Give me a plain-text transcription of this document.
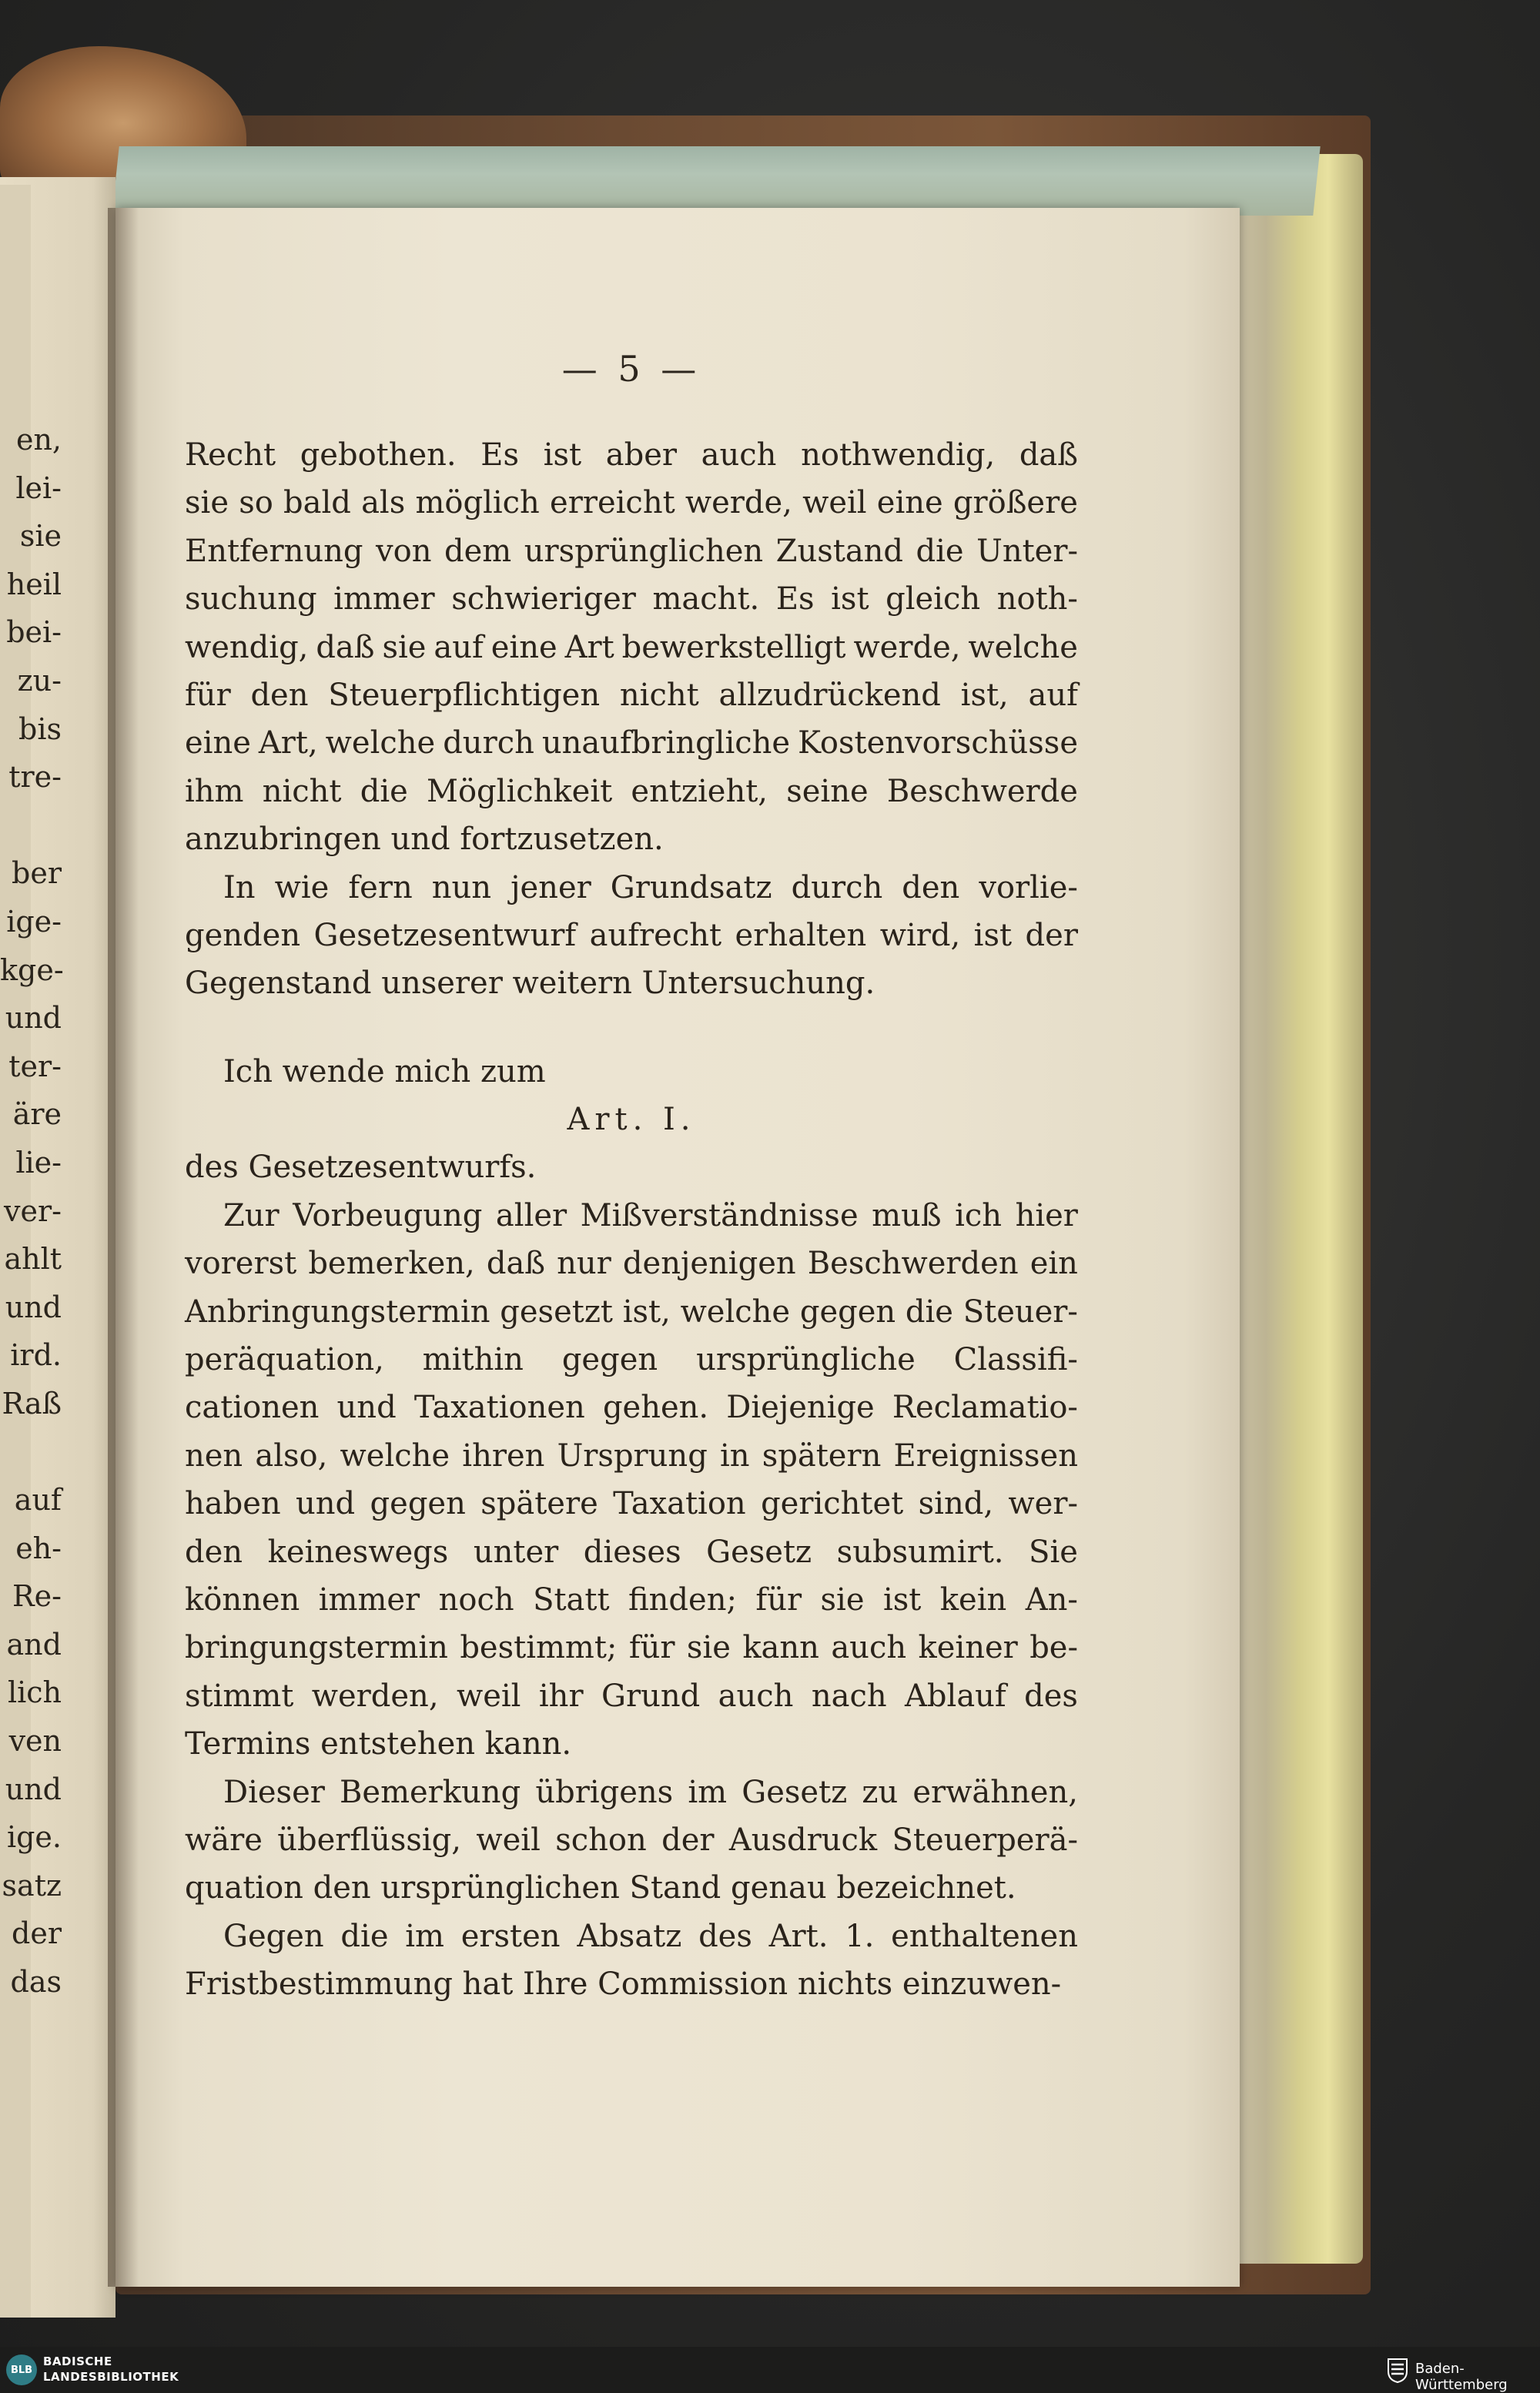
en,
lei-
sie
heil
bei-
zu-
bis
tre-
ber
ige-
kge-
und
ter-
äre
lie-
ver-
ahlt
und
ird.
Raß
auf
eh-
Re-
and
lich
ven
und
ige.
satz
der
das
— 5 —
Recht gebothen. Es ist aber auch nothwendig, daß
sie so bald als möglich erreicht werde, weil eine größere
Entfernung von dem ursprünglichen Zustand die Unter-
suchung immer schwieriger macht. Es ist gleich noth-
wendig, daß sie auf eine Art bewerkstelligt werde, welche
für den Steuerpflichtigen nicht allzudrückend ist, auf
eine Art, welche durch unaufbringliche Kostenvorschüsse
ihm nicht die Möglichkeit entzieht, seine Beschwerde
anzubringen und fortzusetzen.
In wie fern nun jener Grundsatz durch den vorlie-
genden Gesetzesentwurf aufrecht erhalten wird, ist der
Gegenstand unserer weitern Untersuchung.
Ich wende mich zum
Art. I.
des Gesetzesentwurfs.
Zur Vorbeugung aller Mißverständnisse muß ich hier
vorerst bemerken, daß nur denjenigen Beschwerden ein
Anbringungstermin gesetzt ist, welche gegen die Steuer-
peräquation, mithin gegen ursprüngliche Classifi-
cationen und Taxationen gehen. Diejenige Reclamatio-
nen also, welche ihren Ursprung in spätern Ereignissen
haben und gegen spätere Taxation gerichtet sind, wer-
den keineswegs unter dieses Gesetz subsumirt. Sie
können immer noch Statt finden; für sie ist kein An-
bringungstermin bestimmt; für sie kann auch keiner be-
stimmt werden, weil ihr Grund auch nach Ablauf des
Termins entstehen kann.
Dieser Bemerkung übrigens im Gesetz zu erwähnen,
wäre überflüssig, weil schon der Ausdruck Steuerperä-
quation den ursprünglichen Stand genau bezeichnet.
Gegen die im ersten Absatz des Art. 1. enthaltenen
Fristbestimmung hat Ihre Commission nichts einzuwen-
BLB
BADISCHE
LANDESBIBLIOTHEK	Baden-Württemberg
